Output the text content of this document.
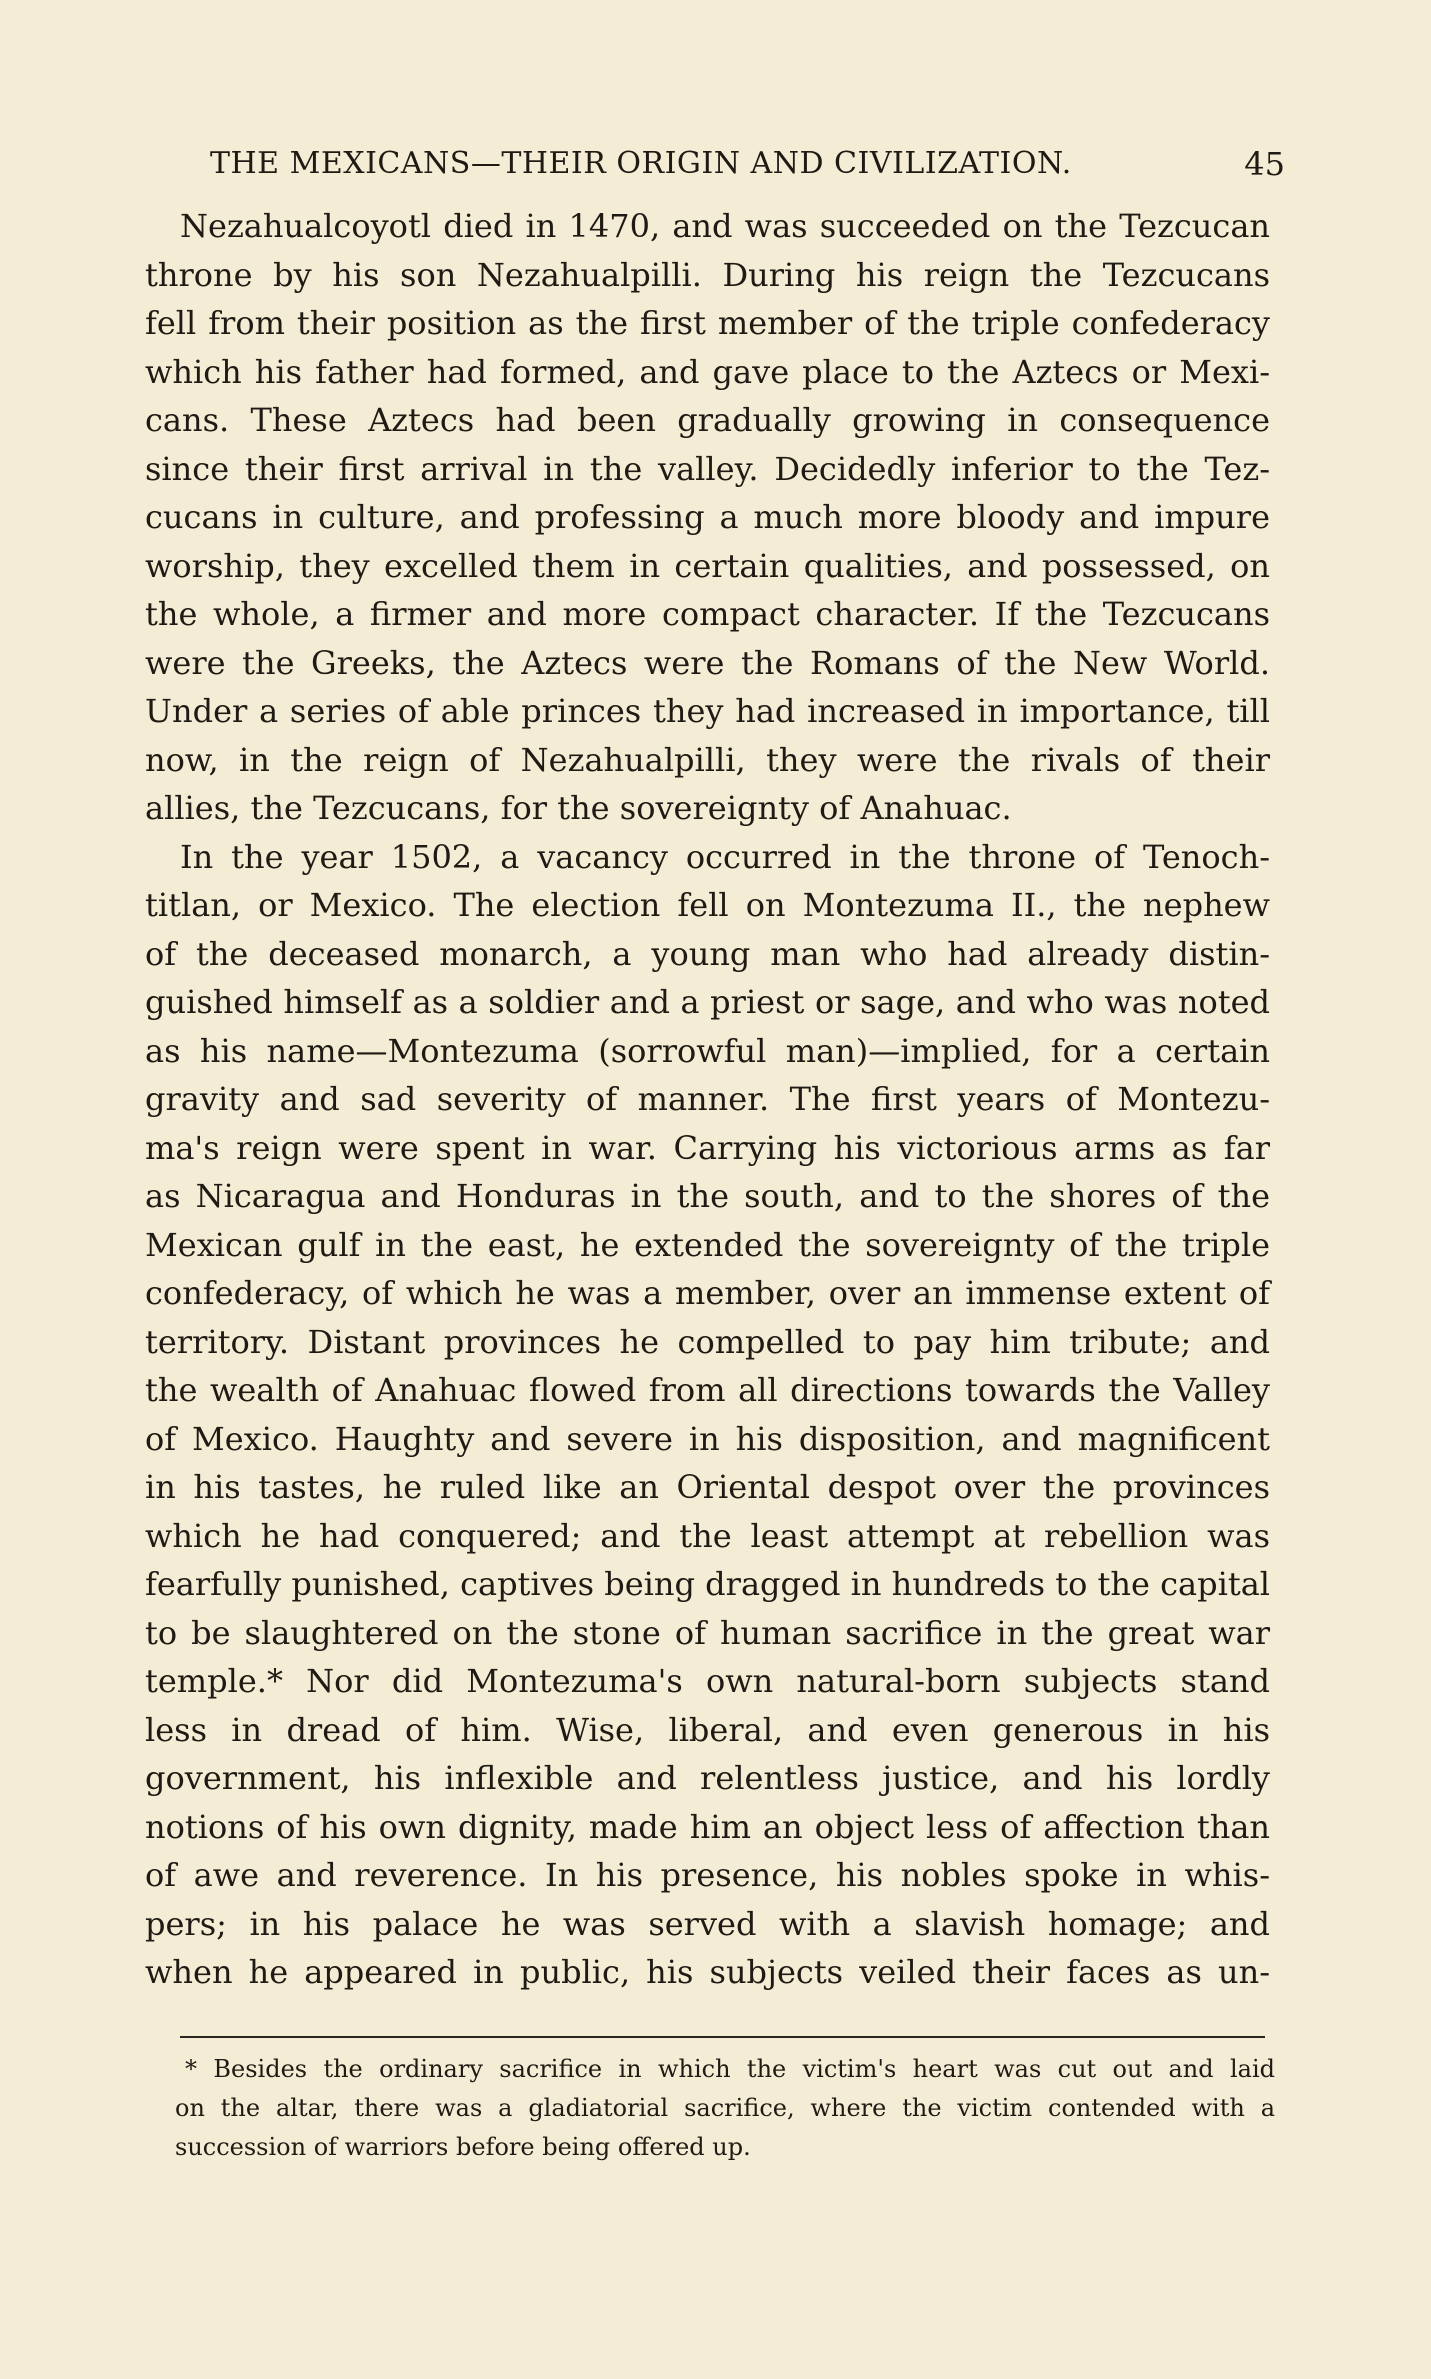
THE MEXICANS—THEIR ORIGIN AND CIVILIZATION.	45
Nezahualcoyotl died in 1470, and was succeeded on the Tezcucan
throne by his son Nezahualpilli. During his reign the Tezcucans
fell from their position as the first member of the triple confederacy
which his father had formed, and gave place to the Aztecs or Mexi-
cans. These Aztecs had been gradually growing in consequence
since their first arrival in the valley. Decidedly inferior to the Tez-
cucans in culture, and professing a much more bloody and impure
worship, they excelled them in certain qualities, and possessed, on
the whole, a firmer and more compact character. If the Tezcucans
were the Greeks, the Aztecs were the Romans of the New World.
Under a series of able princes they had increased in importance, till
now, in the reign of Nezahualpilli, they were the rivals of their
allies, the Tezcucans, for the sovereignty of Anahuac.
In the year 1502, a vacancy occurred in the throne of Tenoch-
titlan, or Mexico. The election fell on Montezuma II., the nephew
of the deceased monarch, a young man who had already distin-
guished himself as a soldier and a priest or sage, and who was noted
as his name—Montezuma (sorrowful man)—implied, for a certain
gravity and sad severity of manner. The first years of Montezu-
ma's reign were spent in war. Carrying his victorious arms as far
as Nicaragua and Honduras in the south, and to the shores of the
Mexican gulf in the east, he extended the sovereignty of the triple
confederacy, of which he was a member, over an immense extent of
territory. Distant provinces he compelled to pay him tribute; and
the wealth of Anahuac flowed from all directions towards the Valley
of Mexico. Haughty and severe in his disposition, and magnificent
in his tastes, he ruled like an Oriental despot over the provinces
which he had conquered; and the least attempt at rebellion was
fearfully punished, captives being dragged in hundreds to the capital
to be slaughtered on the stone of human sacrifice in the great war
temple.* Nor did Montezuma's own natural-born subjects stand
less in dread of him. Wise, liberal, and even generous in his
government, his inflexible and relentless justice, and his lordly
notions of his own dignity, made him an object less of affection than
of awe and reverence. In his presence, his nobles spoke in whis-
pers; in his palace he was served with a slavish homage; and
when he appeared in public, his subjects veiled their faces as un-
* Besides the ordinary sacrifice in which the victim's heart was cut out and laid
on the altar, there was a gladiatorial sacrifice, where the victim contended with a
succession of warriors before being offered up.
